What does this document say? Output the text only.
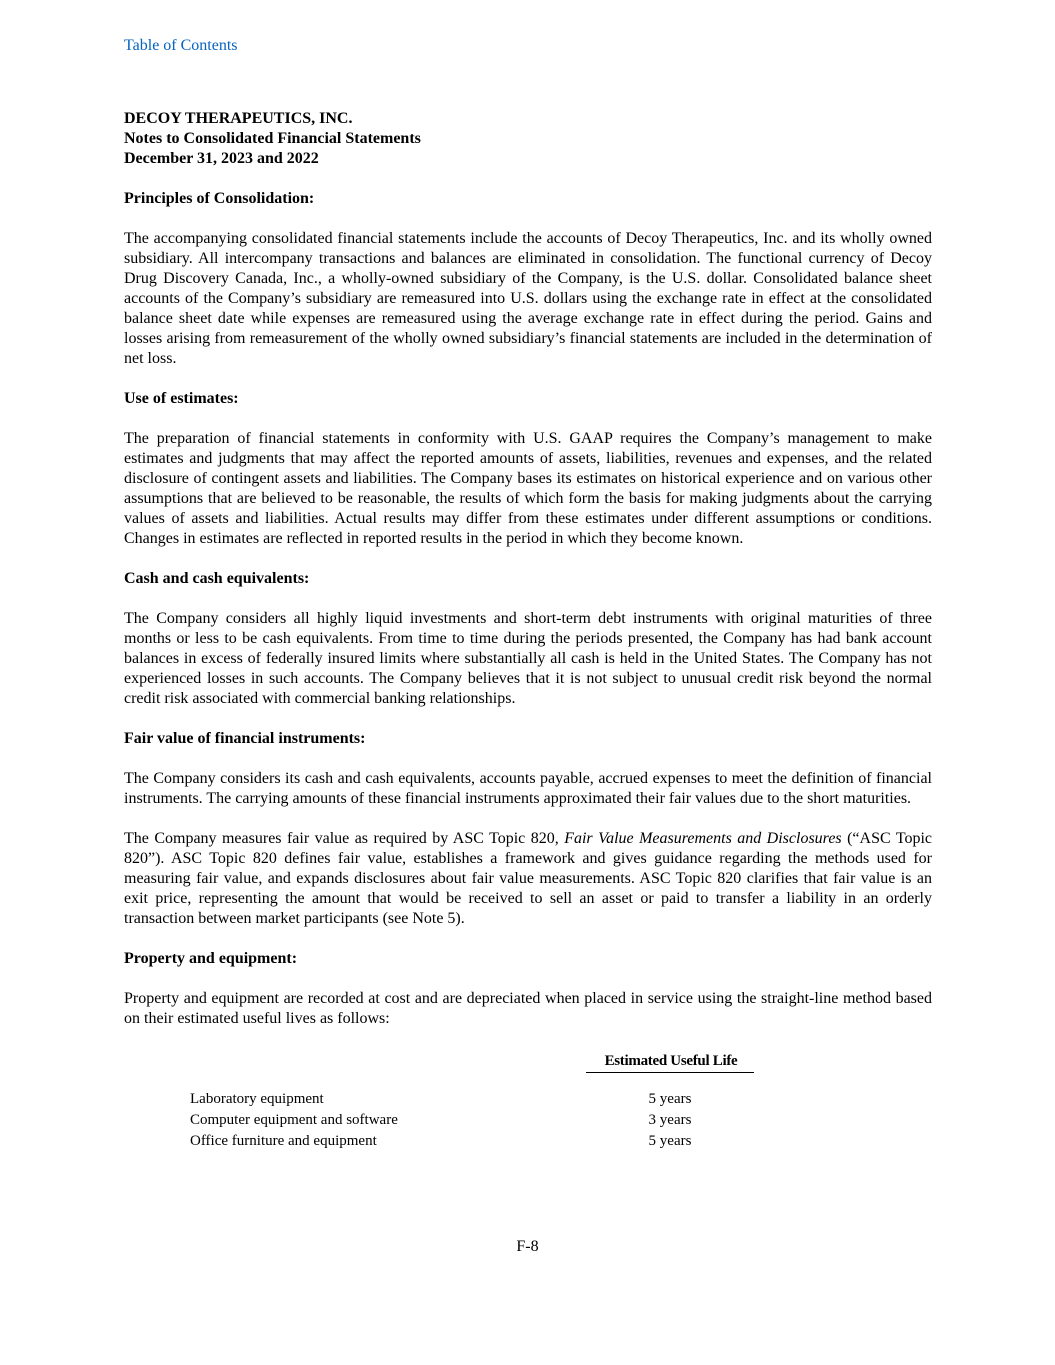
Table of Contents
DECOY THERAPEUTICS, INC.
Notes to Consolidated Financial Statements
December 31, 2023 and 2022
Principles of Consolidation:
The accompanying consolidated financial statements include the accounts of Decoy Therapeutics, Inc. and its wholly owned subsidiary. All intercompany transactions and balances are eliminated in consolidation. The functional currency of Decoy Drug Discovery Canada, Inc., a wholly-owned subsidiary of the Company, is the U.S. dollar. Consolidated balance sheet accounts of the Company’s subsidiary are remeasured into U.S. dollars using the exchange rate in effect at the consolidated balance sheet date while expenses are remeasured using the average exchange rate in effect during the period. Gains and losses arising from remeasurement of the wholly owned subsidiary’s financial statements are included in the determination of net loss.
Use of estimates:
The preparation of financial statements in conformity with U.S. GAAP requires the Company’s management to make estimates and judgments that may affect the reported amounts of assets, liabilities, revenues and expenses, and the related disclosure of contingent assets and liabilities. The Company bases its estimates on historical experience and on various other assumptions that are believed to be reasonable, the results of which form the basis for making judgments about the carrying values of assets and liabilities. Actual results may differ from these estimates under different assumptions or conditions. Changes in estimates are reflected in reported results in the period in which they become known.
Cash and cash equivalents:
The Company considers all highly liquid investments and short-term debt instruments with original maturities of three months or less to be cash equivalents. From time to time during the periods presented, the Company has had bank account balances in excess of federally insured limits where substantially all cash is held in the United States. The Company has not experienced losses in such accounts. The Company believes that it is not subject to unusual credit risk beyond the normal credit risk associated with commercial banking relationships.
Fair value of financial instruments:
The Company considers its cash and cash equivalents, accounts payable, accrued expenses to meet the definition of financial instruments. The carrying amounts of these financial instruments approximated their fair values due to the short maturities.
The Company measures fair value as required by ASC Topic 820, Fair Value Measurements and Disclosures (“ASC Topic 820”). ASC Topic 820 defines fair value, establishes a framework and gives guidance regarding the methods used for measuring fair value, and expands disclosures about fair value measurements. ASC Topic 820 clarifies that fair value is an exit price, representing the amount that would be received to sell an asset or paid to transfer a liability in an orderly transaction between market participants (see Note 5).
Property and equipment:
Property and equipment are recorded at cost and are depreciated when placed in service using the straight-line method based on their estimated useful lives as follows:
	Estimated Useful Life

Laboratory equipment	5 years
Computer equipment and software	3 years
Office furniture and equipment	5 years
F-8
